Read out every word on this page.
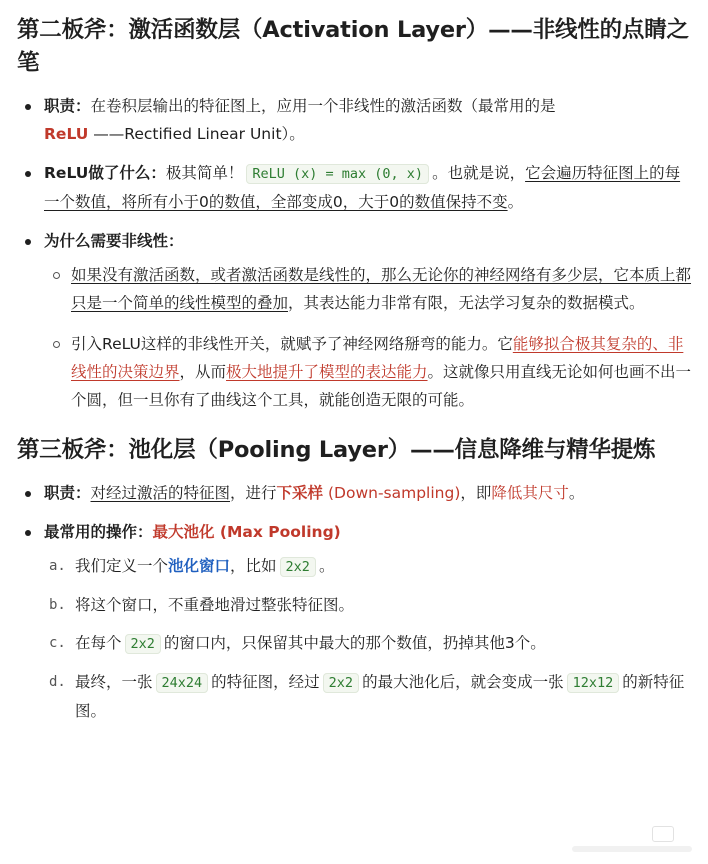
第二板斧：激活函数层（Activation Layer）——非线性的点睛之笔
职责：在卷积层输出的特征图上，应用一个非线性的激活函数（最常用的是
ReLU ——Rectified Linear Unit）。
ReLU做了什么：极其简单！ ReLU (x) = max (0, x) 。也就是说，它会遍历特征图上的每一个数值，将所有小于0的数值，全部变成0，大于0的数值保持不变。
为什么需要非线性：
如果没有激活函数，或者激活函数是线性的，那么无论你的神经网络有多少层，它本质上都只是一个简单的线性模型的叠加，其表达能力非常有限，无法学习复杂的数据模式。
引入ReLU这样的非线性开关，就赋予了神经网络掰弯的能力。它能够拟合极其复杂的、非线性的决策边界，从而极大地提升了模型的表达能力。这就像只用直线无论如何也画不出一个圆，但一旦你有了曲线这个工具，就能创造无限的可能。
第三板斧：池化层（Pooling Layer）——信息降维与精华提炼
职责：对经过激活的特征图，进行下采样 (Down-sampling)，即降低其尺寸。
最常用的操作：最大池化 (Max Pooling)
a. 我们定义一个池化窗口，比如 2x2 。
b. 将这个窗口，不重叠地滑过整张特征图。
c. 在每个 2x2 的窗口内，只保留其中最大的那个数值，扔掉其他3个。
d. 最终，一张 24x24 的特征图，经过 2x2 的最大池化后，就会变成一张 12x12 的新特征图。
